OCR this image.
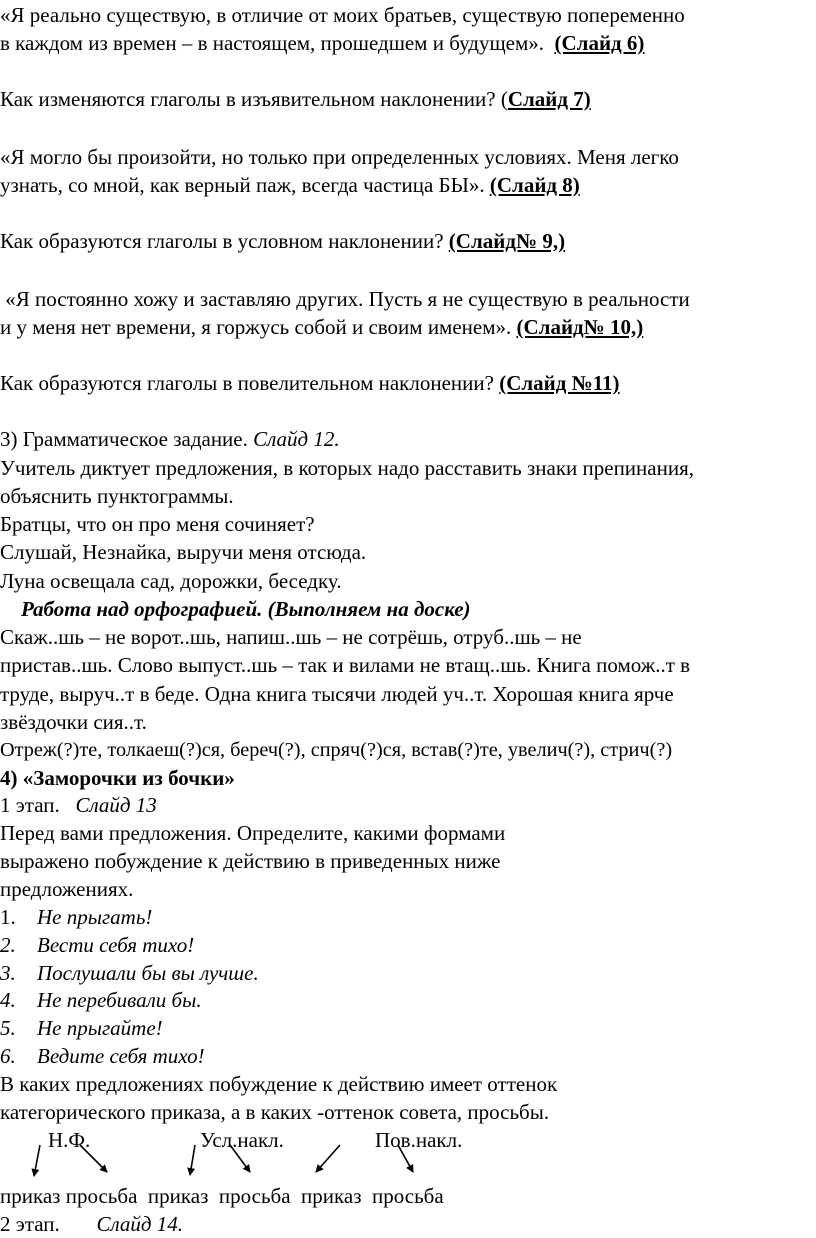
«Я реально существую, в отличие от моих братьев, существую попеременно
в каждом из времен – в настоящем, прошедшем и будущем». (Слайд 6)
Как изменяются глаголы в изъявительном наклонении? (Слайд 7)
«Я могло бы произойти, но только при определенных условиях. Меня легко
узнать, со мной, как верный паж, всегда частица БЫ». (Слайд 8)
Как образуются глаголы в условном наклонении? (Слайд№ 9,)
«Я постоянно хожу и заставляю других. Пусть я не существую в реальности
и у меня нет времени, я горжусь собой и своим именем». (Слайд№ 10,)
Как образуются глаголы в повелительном наклонении? (Слайд №11)
3) Грамматическое задание. Слайд 12.
Учитель диктует предложения, в которых надо расставить знаки препинания,
объяснить пунктограммы.
Братцы, что он про меня сочиняет?
Слушай, Незнайка, выручи меня отсюда.
Луна освещала сад, дорожки, беседку.
Работа над орфографией. (Выполняем на доске)
Скаж..шь – не ворот..шь, напиш..шь – не сотрёшь, отруб..шь – не
пристав..шь. Слово выпуст..шь – так и вилами не втащ..шь. Книга помож..т в
труде, выруч..т в беде. Одна книга тысячи людей уч..т. Хорошая книга ярче
звёздочки сия..т.
Отреж(?)те, толкаеш(?)ся, береч(?), спряч(?)ся, встав(?)те, увелич(?), стрич(?)
4) «Заморочки из бочки»
1 этап. Слайд 13
Перед вами предложения. Определите, какими формами
выражено побуждение к действию в приведенных ниже
предложениях.
1. Не прыгать!
2. Вести себя тихо!
3. Послушали бы вы лучше.
4. Не перебивали бы.
5. Не прыгайте!
6. Ведите себя тихо!
В каких предложениях побуждение к действию имеет оттенок
категорического приказа, а в каких -оттенок совета, просьбы.
Н.Ф.	Усл.накл.	Пов.накл.
приказ просьба  приказ  просьба  приказ  просьба
2 этап. Слайд 14.
